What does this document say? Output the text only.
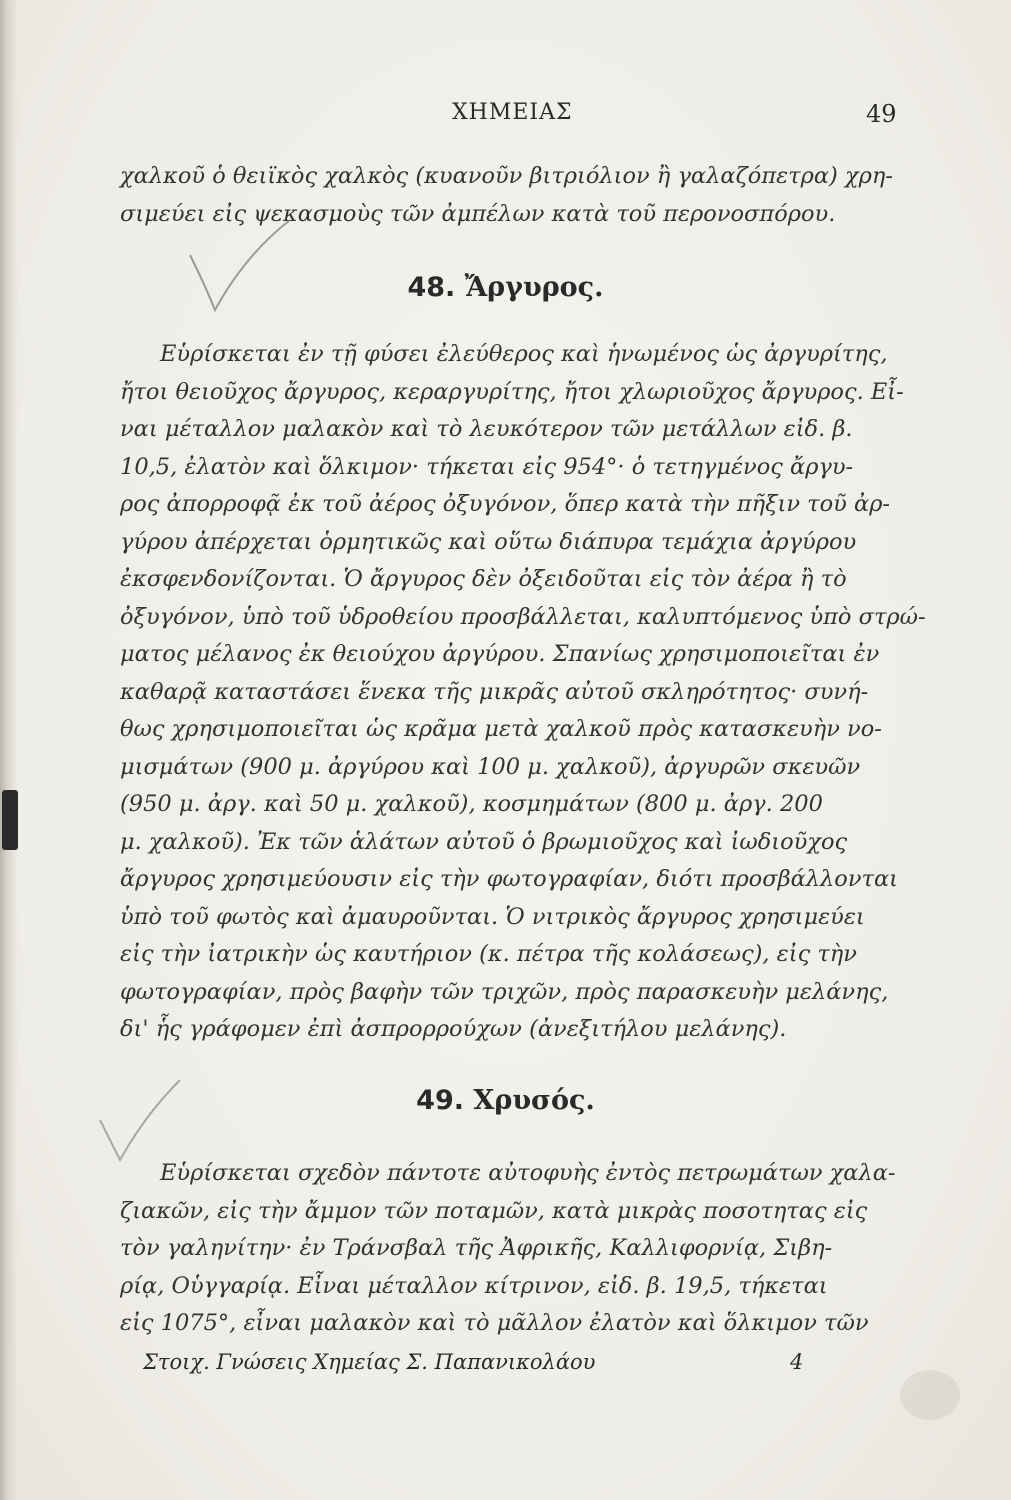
ΧΗΜΕΙΑΣ	49
χαλκοῦ ὁ θειϊκὸς χαλκὸς (κυανοῦν βιτριόλιον ἢ γαλαζόπετρα) χρη-
σιμεύει εἰς ψεκασμοὺς τῶν ἀμπέλων κατὰ τοῦ περονοσπόρου.
48. Ἄργυρος.
Εὑρίσκεται ἐν τῇ φύσει ἐλεύθερος καὶ ἡνωμένος ὡς ἀργυρίτης,
ἤτοι θειοῦχος ἄργυρος, κεραργυρίτης, ἤτοι χλωριοῦχος ἄργυρος. Εἶ-
ναι μέταλλον μαλακὸν καὶ τὸ λευκότερον τῶν μετάλλων εἰδ. β.
10,5, ἐλατὸν καὶ ὅλκιμον· τήκεται εἰς 954°· ὁ τετηγμένος ἄργυ-
ρος ἀπορροφᾷ ἐκ τοῦ ἀέρος ὀξυγόνον, ὅπερ κατὰ τὴν πῆξιν τοῦ ἀρ-
γύρου ἀπέρχεται ὁρμητικῶς καὶ οὕτω διάπυρα τεμάχια ἀργύρου
ἐκσφενδονίζονται. Ὁ ἄργυρος δὲν ὀξειδοῦται εἰς τὸν ἀέρα ἢ τὸ
ὀξυγόνον, ὑπὸ τοῦ ὑδροθείου προσβάλλεται, καλυπτόμενος ὑπὸ στρώ-
ματος μέλανος ἐκ θειούχου ἀργύρου. Σπανίως χρησιμοποιεῖται ἐν
καθαρᾷ καταστάσει ἕνεκα τῆς μικρᾶς αὐτοῦ σκληρότητος· συνή-
θως χρησιμοποιεῖται ὡς κρᾶμα μετὰ χαλκοῦ πρὸς κατασκευὴν νο-
μισμάτων (900 μ. ἀργύρου καὶ 100 μ. χαλκοῦ), ἀργυρῶν σκευῶν
(950 μ. ἀργ. καὶ 50 μ. χαλκοῦ), κοσμημάτων (800 μ. ἀργ. 200
μ. χαλκοῦ). Ἐκ τῶν ἁλάτων αὐτοῦ ὁ βρωμιοῦχος καὶ ἰωδιοῦχος
ἄργυρος χρησιμεύουσιν εἰς τὴν φωτογραφίαν, διότι προσβάλλονται
ὑπὸ τοῦ φωτὸς καὶ ἀμαυροῦνται. Ὁ νιτρικὸς ἄργυρος χρησιμεύει
εἰς τὴν ἰατρικὴν ὡς καυτήριον (κ. πέτρα τῆς κολάσεως), εἰς τὴν
φωτογραφίαν, πρὸς βαφὴν τῶν τριχῶν, πρὸς παρασκευὴν μελάνης,
δι' ἧς γράφομεν ἐπὶ ἀσπρορρούχων (ἀνεξιτήλου μελάνης).
49. Χρυσός.
Εὑρίσκεται σχεδὸν πάντοτε αὐτοφυὴς ἐντὸς πετρωμάτων χαλα-
ζιακῶν, εἰς τὴν ἄμμον τῶν ποταμῶν, κατὰ μικρὰς ποσοτητας εἰς
τὸν γαληνίτην· ἐν Τράνσβαλ τῆς Ἀφρικῆς, Καλλιφορνίᾳ, Σιβη-
ρίᾳ, Οὑγγαρίᾳ. Εἶναι μέταλλον κίτρινον, εἰδ. β. 19,5, τήκεται
εἰς 1075°, εἶναι μαλακὸν καὶ τὸ μᾶλλον ἐλατὸν καὶ ὅλκιμον τῶν
Στοιχ. Γνώσεις Χημείας Σ. Παπανικολάου	4
